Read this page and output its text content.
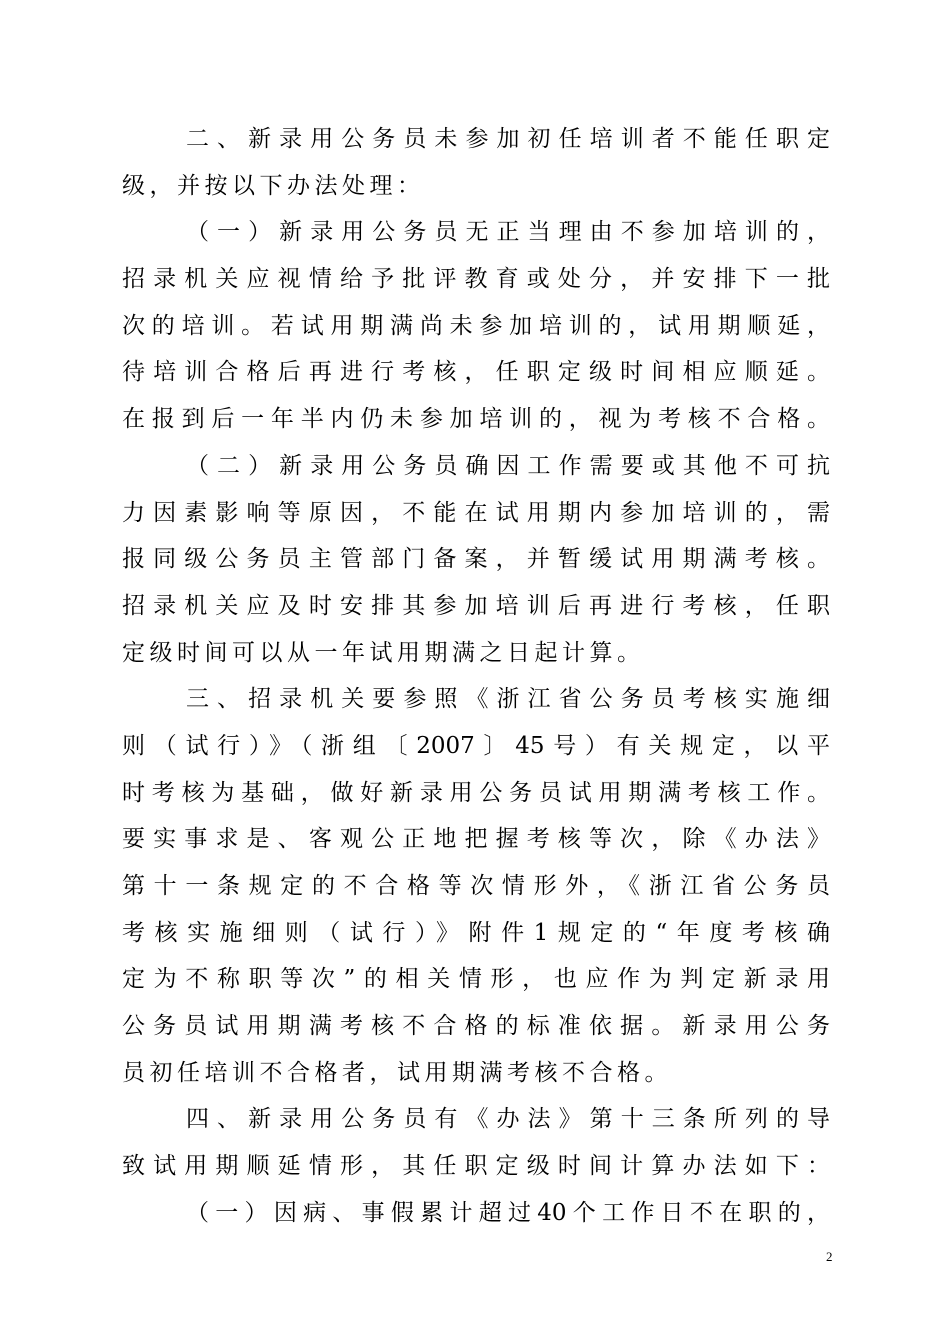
二、新录用公务员未参加初任培训者不能任职定
级，并按以下办法处理：
（一）新录用公务员无正当理由不参加培训的，
招录机关应视情给予批评教育或处分，并安排下一批
次的培训。若试用期满尚未参加培训的，试用期顺延，
待培训合格后再进行考核，任职定级时间相应顺延。
在报到后一年半内仍未参加培训的，视为考核不合格。
（二）新录用公务员确因工作需要或其他不可抗
力因素影响等原因，不能在试用期内参加培训的，需
报同级公务员主管部门备案，并暂缓试用期满考核。
招录机关应及时安排其参加培训后再进行考核，任职
定级时间可以从一年试用期满之日起计算。
三、招录机关要参照《浙江省公务员考核实施细
则（试行）》（浙组〔2007〕45号）有关规定，以平
时考核为基础，做好新录用公务员试用期满考核工作。
要实事求是、客观公正地把握考核等次，除《办法》
第十一条规定的不合格等次情形外，《浙江省公务员
考核实施细则（试行）》附件1规定的“年度考核确
定为不称职等次”的相关情形，也应作为判定新录用
公务员试用期满考核不合格的标准依据。新录用公务
员初任培训不合格者，试用期满考核不合格。
四、新录用公务员有《办法》第十三条所列的导
致试用期顺延情形，其任职定级时间计算办法如下：
（一）因病、事假累计超过40个工作日不在职的，
2
